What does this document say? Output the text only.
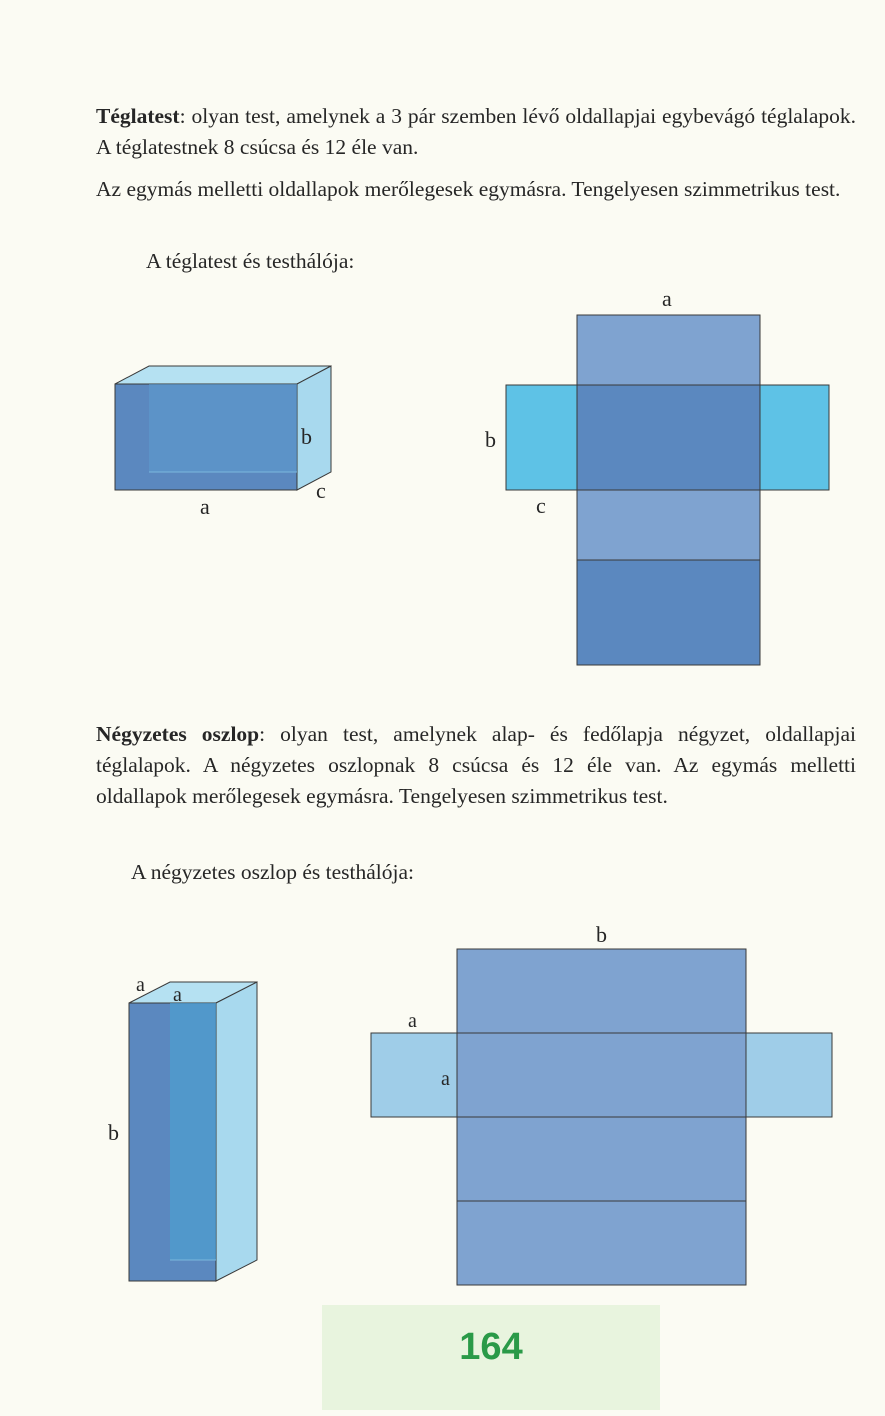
Téglatest: olyan test, amelynek a 3 pár szemben lévő oldallapjai egybevágó téglalapok. A téglatestnek 8 csúcsa és 12 éle van.

Az egymás melletti oldallapok merőlegesek egymásra. Tengelyesen szimmetrikus test.

A téglatest és testhálója:

Négyzetes oszlop: olyan test, amelynek alap- és fedőlapja négyzet, oldallapjai téglalapok. A négyzetes oszlopnak 8 csúcsa és 12 éle van. Az egymás melletti oldallapok merőlegesek egymásra. Tengelyesen szimmetrikus test.

A négyzetes oszlop és testhálója:

a
b
c
a
b
c
a a
b
b
a
a
164
